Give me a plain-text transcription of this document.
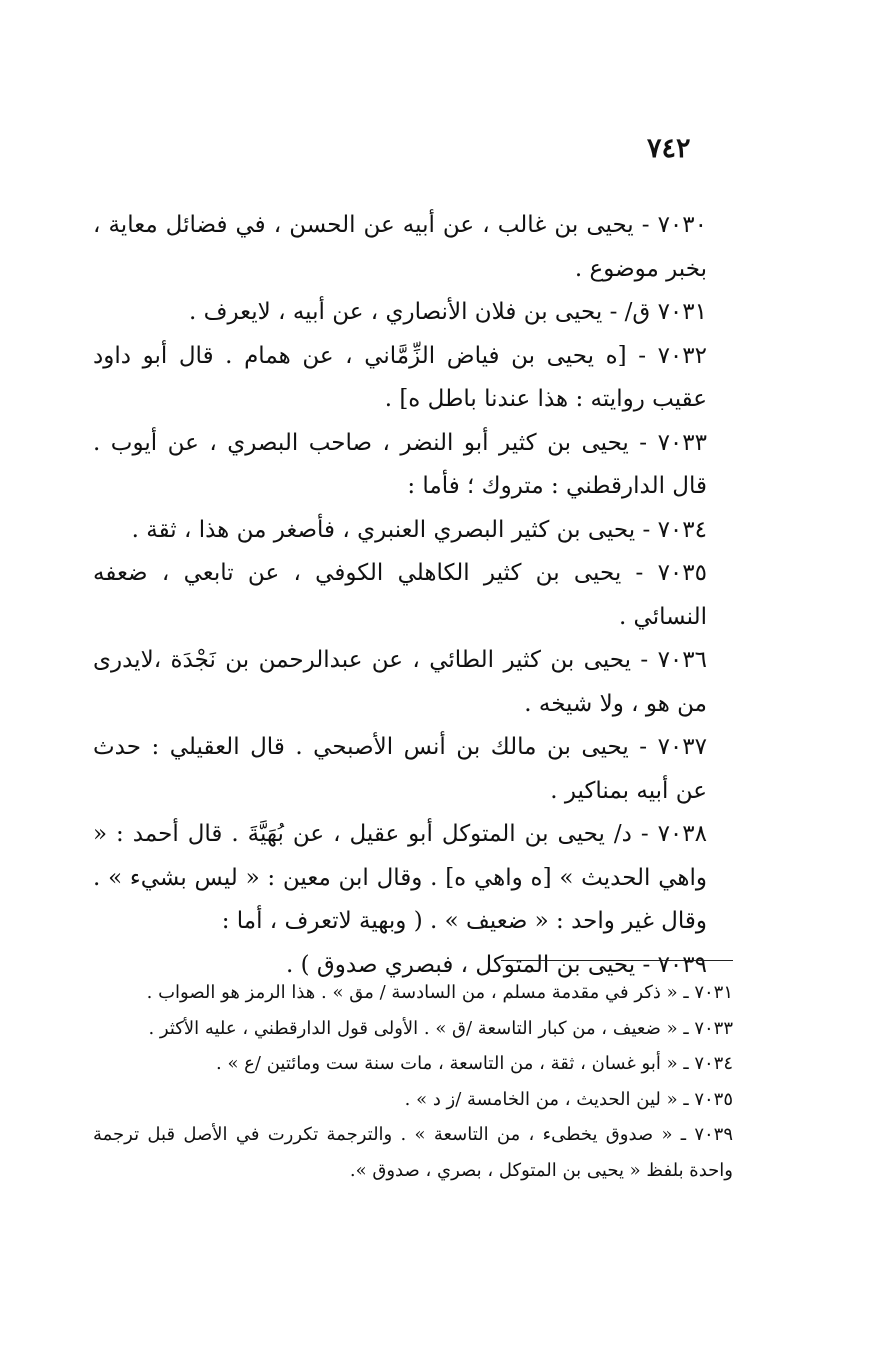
٧٤٢

٧٠٣٠ - يحيى بن غالب ، عن أبيه عن الحسن ، في فضائل معاية ، بخبر موضوع .

٧٠٣١ ق/ - يحيى بن فلان الأنصاري ، عن أبيه ، لايعرف .

٧٠٣٢ - [ه يحيى بن فياض الزِّمَّاني ، عن همام . قال أبو داود عقيب روايته : هذا عندنا باطل ه] .

٧٠٣٣ - يحيى بن كثير أبو النضر ، صاحب البصري ، عن أيوب . قال الدارقطني : متروك ؛ فأما :

٧٠٣٤ - يحيى بن كثير البصري العنبري ، فأصغر من هذا ، ثقة .

٧٠٣٥ - يحيى بن كثير الكاهلي الكوفي ، عن تابعي ، ضعفه النسائي .

٧٠٣٦ - يحيى بن كثير الطائي ، عن عبدالرحمن بن نَجْدَة ،لايدرى من هو ، ولا شيخه .

٧٠٣٧ - يحيى بن مالك بن أنس الأصبحي . قال العقيلي : حدث عن أبيه بمناكير .

٧٠٣٨ - د/ يحيى بن المتوكل أبو عقيل ، عن بُهَيَّةَ . قال أحمد : « واهي الحديث » [ه واهي ه] . وقال ابن معين : « ليس بشيء » . وقال غير واحد : « ضعيف » . ( وبهية لاتعرف ، أما :

٧٠٣٩ - يحيى بن المتوكل ، فبصري صدوق ) .

٧٠٣١ ـ « ذكر في مقدمة مسلم ، من السادسة / مق » . هذا الرمز هو الصواب .

٧٠٣٣ ـ « ضعيف ، من كبار التاسعة /ق » . الأولى قول الدارقطني ، عليه الأكثر .

٧٠٣٤ ـ « أبو غسان ، ثقة ، من التاسعة ، مات سنة ست ومائتين /ع » .

٧٠٣٥ ـ « لين الحديث ، من الخامسة /ز د » .

٧٠٣٩ ـ « صدوق يخطىء ، من التاسعة » . والترجمة تكررت في الأصل قبل ترجمة واحدة بلفظ « يحيى بن المتوكل ، بصري ، صدوق ».
